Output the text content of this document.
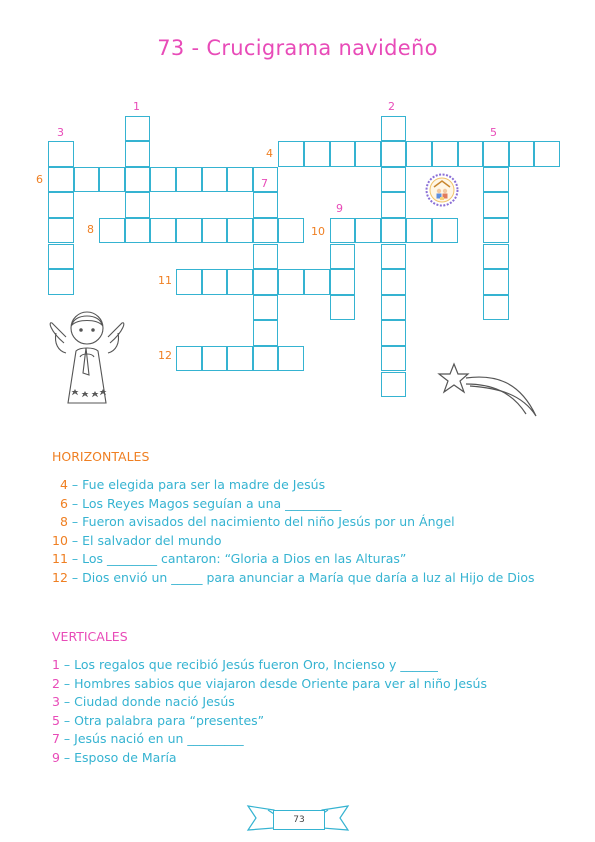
73 - Crucigrama navideño
1	2
3
4
5
6	7
8
9
10
11
12
HORIZONTALES
4 – Fue elegida para ser la madre de Jesús
6 – Los Reyes Magos seguían a una _________
8 – Fueron avisados del nacimiento del niño Jesús por un Ángel
10 – El salvador del mundo
11 – Los ________ cantaron: “Gloria a Dios en las Alturas”
12 – Dios envió un _____ para anunciar a María que daría a luz al Hijo de Dios
VERTICALES
1 – Los regalos que recibió Jesús fueron Oro, Incienso y ______
2 – Hombres sabios que viajaron desde Oriente para ver al niño Jesús
3 – Ciudad donde nació Jesús
5 – Otra palabra para “presentes”
7 – Jesús nació en un _________
9 – Esposo de María
73
